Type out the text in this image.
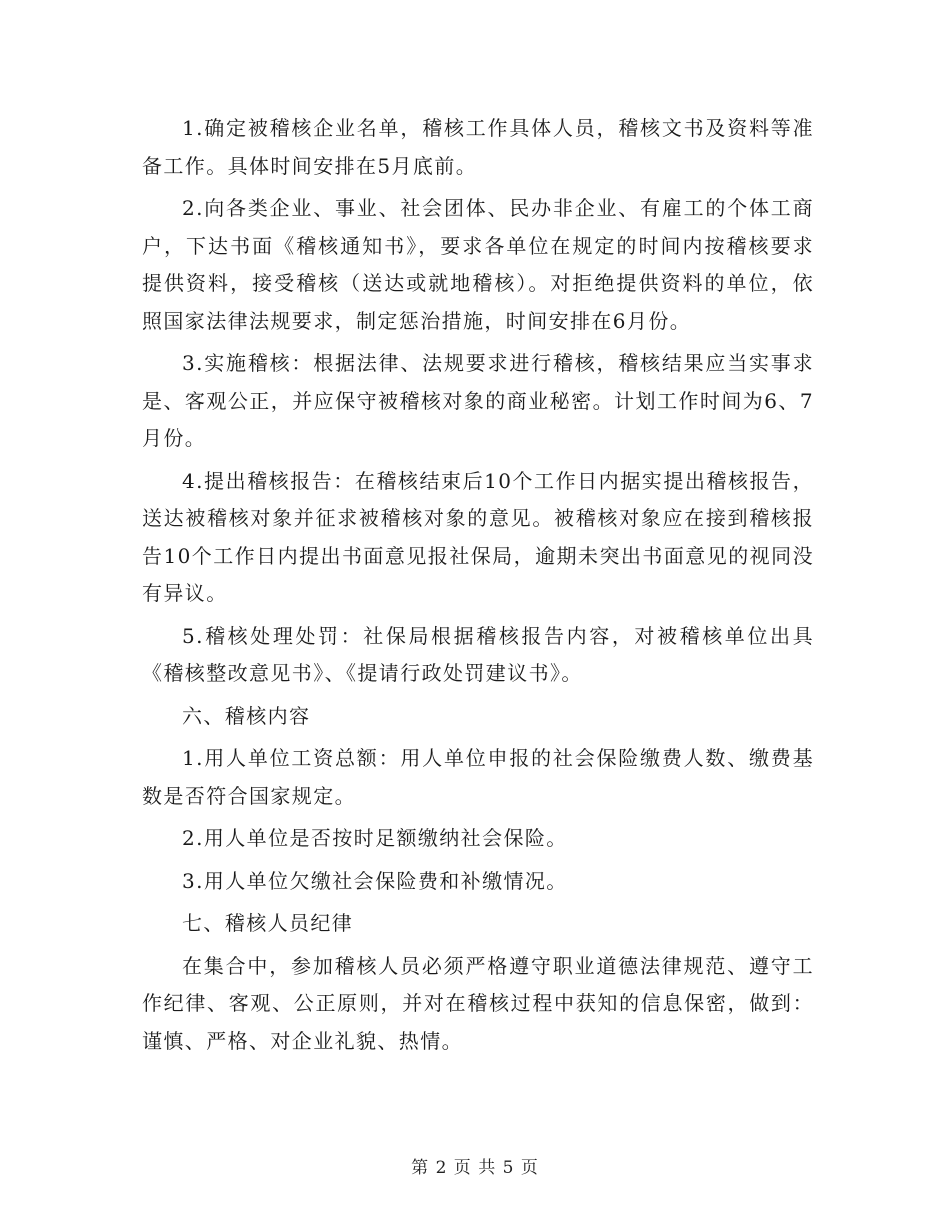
1.确定被稽核企业名单，稽核工作具体人员，稽核文书及资料等准备工作。具体时间安排在5月底前。

2.向各类企业、事业、社会团体、民办非企业、有雇工的个体工商户，下达书面《稽核通知书》，要求各单位在规定的时间内按稽核要求提供资料，接受稽核（送达或就地稽核）。对拒绝提供资料的单位，依照国家法律法规要求，制定惩治措施，时间安排在6月份。

3.实施稽核：根据法律、法规要求进行稽核，稽核结果应当实事求是、客观公正，并应保守被稽核对象的商业秘密。计划工作时间为6、7月份。

4.提出稽核报告：在稽核结束后10个工作日内据实提出稽核报告，送达被稽核对象并征求被稽核对象的意见。被稽核对象应在接到稽核报告10个工作日内提出书面意见报社保局，逾期未突出书面意见的视同没有异议。

5.稽核处理处罚：社保局根据稽核报告内容，对被稽核单位出具《稽核整改意见书》、《提请行政处罚建议书》。

六、稽核内容

1.用人单位工资总额：用人单位申报的社会保险缴费人数、缴费基数是否符合国家规定。

2.用人单位是否按时足额缴纳社会保险。

3.用人单位欠缴社会保险费和补缴情况。

七、稽核人员纪律

在集合中，参加稽核人员必须严格遵守职业道德法律规范、遵守工作纪律、客观、公正原则，并对在稽核过程中获知的信息保密，做到：谨慎、严格、对企业礼貌、热情。

第 2 页 共 5 页
